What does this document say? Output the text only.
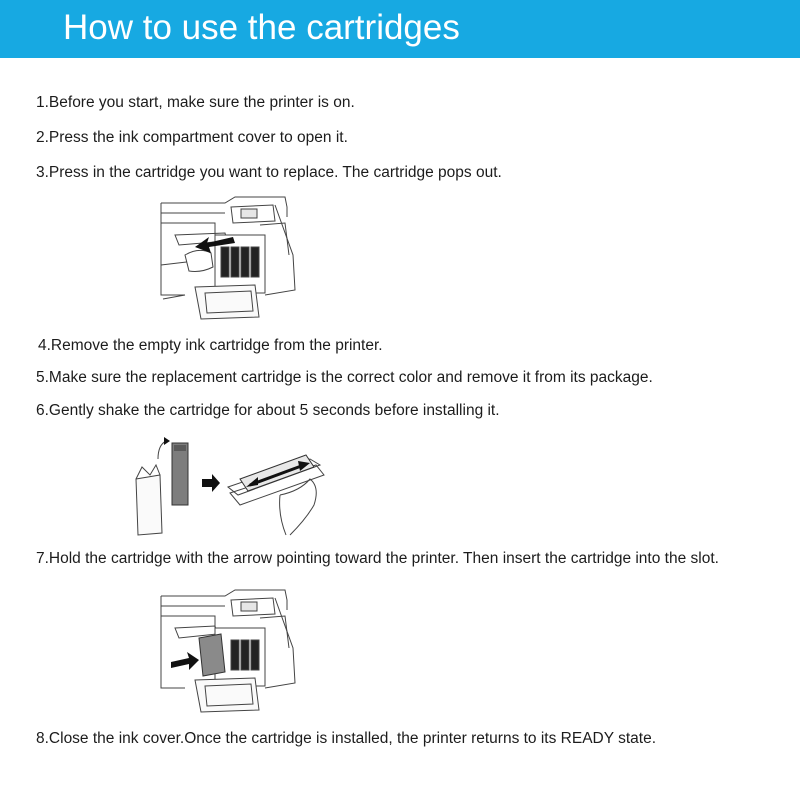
How to use the cartridges
1.Before you start, make sure the printer is on.
2.Press the ink compartment cover to open it.
3.Press in the cartridge you want to replace. The cartridge pops out.
4.Remove the empty ink cartridge from the printer.
5.Make sure the replacement cartridge is the correct color and remove it from its package.
6.Gently shake the cartridge for about 5 seconds before installing it.
7.Hold the cartridge with the arrow pointing toward the printer. Then insert the cartridge into the slot.
8.Close the ink cover.Once the cartridge is installed, the printer returns to its READY state.
